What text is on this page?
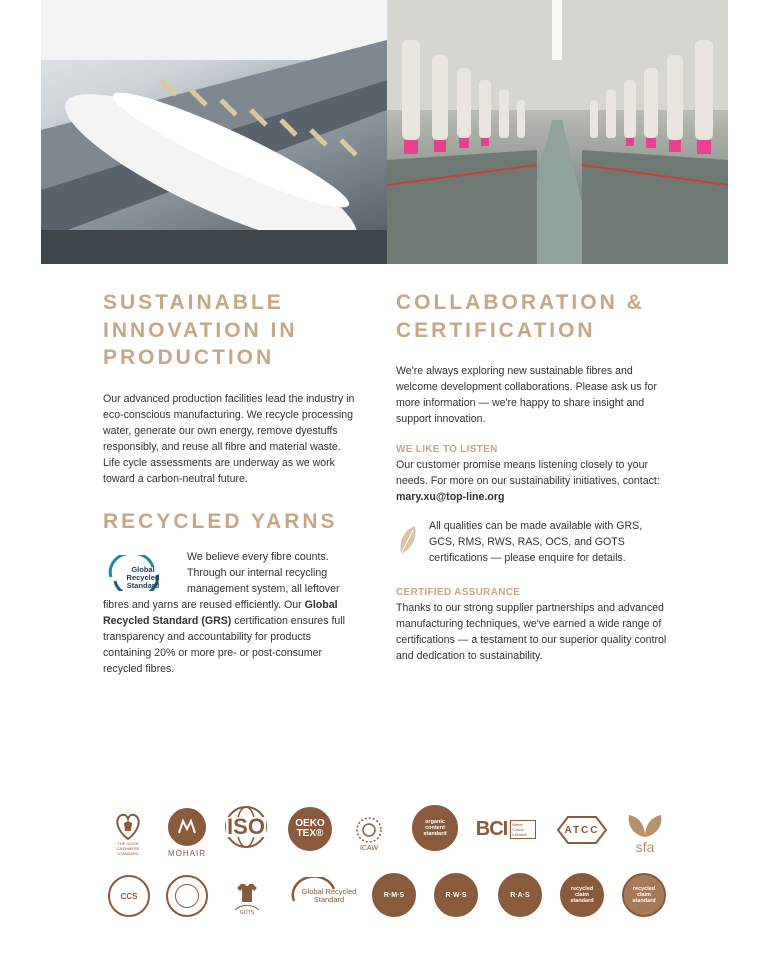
SUSTAINABLE INNOVATION IN PRODUCTION

Our advanced production facilities lead the industry in eco-conscious manufacturing. We recycle processing water, generate our own energy, remove dyestuffs responsibly, and reuse all fibre and material waste. Life cycle assessments are underway as we work toward a carbon-neutral future.

RECYCLED YARNS
Global Recycled Standard

We believe every fibre counts. Through our internal recycling management system, all leftover fibres and yarns are reused efficiently. Our Global Recycled Standard (GRS) certification ensures full transparency and accountability for products containing 20% or more pre- or post-consumer recycled fibres.

COLLABORATION & CERTIFICATION

We're always exploring new sustainable fibres and welcome development collaborations. Please ask us for more information — we're happy to share insight and support innovation.

WE LIKE TO LISTEN

Our customer promise means listening closely to your needs. For more on our sustainability initiatives, contact:

mary.xu@top-line.org

All qualities can be made available with GRS, GCS, RMS, RWS, RAS, OCS, and GOTS certifications — please enquire for details.

CERTIFIED ASSURANCE

Thanks to our strong supplier partnerships and advanced manufacturing techniques, we've earned a wide range of certifications — a testament to our superior quality control and dedication to sustainability.

THE GOOD CASHMERE STANDARD	MOHAIR
ISO	OEKO
TEX®
ICAW
organic content standard	BCI	Better Cotton Initiative	ATCC
sfa
CCS
GOTS
Global Recycled Standard	R·M·S	R·W·S	R·A·S
recycled claim standard
recycled claim standard
